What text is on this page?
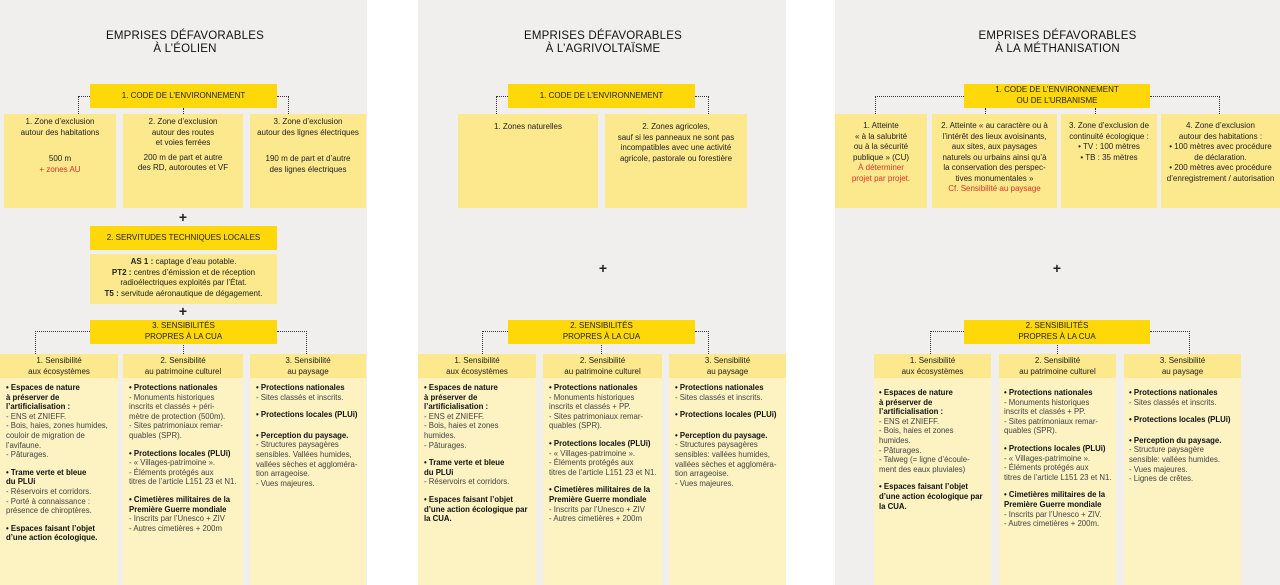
EMPRISES DÉFAVORABLES
À L’ÉOLIEN
1. CODE DE L’ENVIRONNEMENT
1. Zone d’exclusion
autour des habitations
500 m
+ zones AU
2. Zone d’exclusion
autour des routes
et voies ferrées
200 m de part et autre
des RD, autoroutes et VF
3. Zone d’exclusion
autour des lignes électriques
190 m de part et d’autre
des lignes électriques
+
2. SERVITUDES TECHNIQUES LOCALES
AS 1 : captage d’eau potable.
PT2 : centres d’émission et de réception radioélectriques exploités par l’État.
T5 : servitude aéronautique de dégagement.
+
3. SENSIBILITÉS
PROPRES À LA CUA
1. Sensibilité
aux écosystèmes
2. Sensibilité
au patrimoine culturel
3. Sensibilité
au paysage
• Espaces de nature
à préserver de
l’artificialisation :
- ENS et ZNIEFF.
- Bois, haies, zones humides,
couloir de migration de
l’avifaune.
- Pâturages.
• Trame verte et bleue
du PLUi
- Réservoirs et corridors.
- Porté à connaissance :
présence de chiroptères.
• Espaces faisant l’objet
d’une action écologique.
• Protections nationales
- Monuments historiques
inscrits et classés + péri-
mètre de protection (500m).
- Sites patrimoniaux remar-
quables (SPR).
• Protections locales (PLUi)
- « Villages-patrimoine ».
- Éléments protégés aux
titres de l’article L151 23 et N1.
• Cimetières militaires de la
Première Guerre mondiale
- Inscrits par l’Unesco + ZIV
- Autres cimetières + 200m
• Protections nationales
- Sites classés et inscrits.
• Protections locales (PLUi)
• Perception du paysage.
- Structures paysagères
sensibles. Vallées humides,
vallées sèches et aggloméra-
tion arrageoise.
- Vues majeures.
EMPRISES DÉFAVORABLES
À L’AGRIVOLTAÏSME
1. CODE DE L’ENVIRONNEMENT
1. Zones naturelles	2. Zones agricoles,
sauf si les panneaux ne sont pas
incompatibles avec une activité
agricole, pastorale ou forestière
+
2. SENSIBILITÉS
PROPRES À LA CUA
1. Sensibilité
aux écosystèmes
2. Sensibilité
au patrimoine culturel
3. Sensibilité
au paysage
• Espaces de nature
à préserver de
l’artificialisation :
- ENS et ZNIEFF.
- Bois, haies et zones
humides.
- Pâturages.
• Trame verte et bleue
du PLUi
- Réservoirs et corridors.
• Espaces faisant l’objet
d’une action écologique par
la CUA.
• Protections nationales
- Monuments historiques
inscrits et classés + PP.
- Sites patrimoniaux remar-
quables (SPR).
• Protections locales (PLUi)
- « Villages-patrimoine ».
- Éléments protégés aux
titres de l’article L151 23 et N1.
• Cimetières militaires de la
Première Guerre mondiale
- Inscrits par l’Unesco + ZIV
- Autres cimetières + 200m
• Protections nationales
- Sites classés et inscrits.
• Protections locales (PLUi)
• Perception du paysage.
- Structures paysagères
sensibles: vallées humides,
vallées sèches et aggloméra-
tion arrageoise.
- Vues majeures.
EMPRISES DÉFAVORABLES
À LA MÉTHANISATION
1. CODE DE L’ENVIRONNEMENT
OU DE L’URBANISME
1. Atteinte
« à la salubrité
ou à la sécurité
publique » (CU)
À déterminer
projet par projet.
2. Atteinte « au caractère ou à
l’intérêt des lieux avoisinants,
aux sites, aux paysages
naturels ou urbains ainsi qu’à
la conservation des perspec-
tives monumentales »
Cf. Sensibilité au paysage
3. Zone d’exclusion de
continuité écologique :
• TV : 100 mètres
• TB : 35 mètres
4. Zone d’exclusion
autour des habitations :
• 100 mètres avec procédure
de déclaration.
• 200 mètres avec procédure
d’enregistrement / autorisation
+
2. SENSIBILITÉS
PROPRES À LA CUA
1. Sensibilité
aux écosystèmes
2. Sensibilité
au patrimoine culturel
3. Sensibilité
au paysage
• Espaces de nature
à préserver de
l’artificialisation :
- ENS et ZNIEFF.
- Bois, haies et zones
humides.
- Pâturages.
- Talweg (= ligne d’écoule-
ment des eaux pluviales)
• Espaces faisant l’objet
d’une action écologique par
la CUA.
• Protections nationales
- Monuments historiques
inscrits et classés + PP.
- Sites patrimoniaux remar-
quables (SPR).
• Protections locales (PLUi)
- « Villages-patrimoine ».
- Éléments protégés aux
titres de l’article L151 23 et N1.
• Cimetières militaires de la
Première Guerre mondiale
- Inscrits par l’Unesco + ZIV.
- Autres cimetières + 200m.
• Protections nationales
- Sites classés et inscrits.
• Protections locales (PLUi)
• Perception du paysage.
- Structure paysagère
sensible: vallées humides.
- Vues majeures.
- Lignes de crêtes.
